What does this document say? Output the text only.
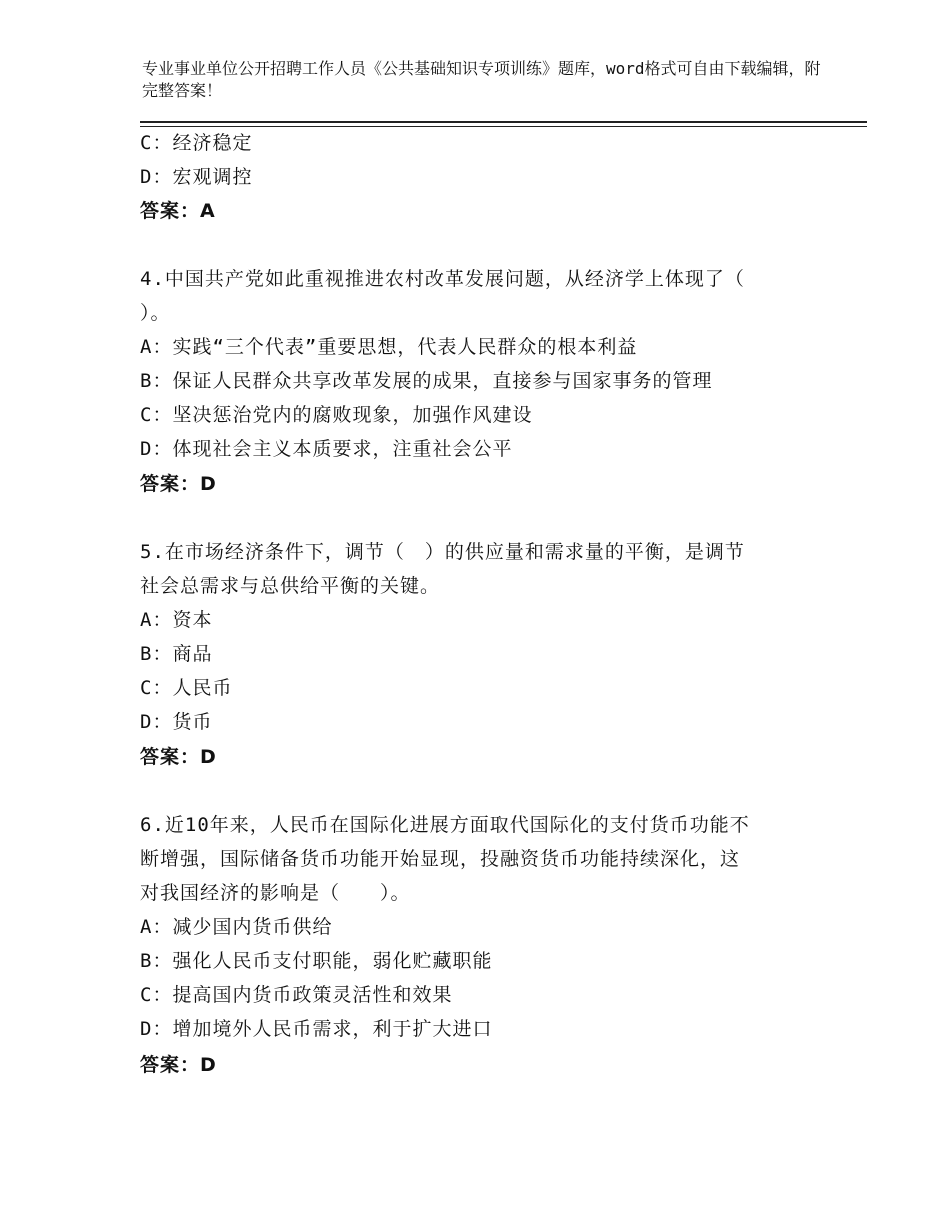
专业事业单位公开招聘工作人员《公共基础知识专项训练》题库，word格式可自由下载编辑，附完整答案！
C：经济稳定
D：宏观调控
答案：A
4.中国共产党如此重视推进农村改革发展问题，从经济学上体现了（
）。
A：实践“三个代表”重要思想，代表人民群众的根本利益
B：保证人民群众共享改革发展的成果，直接参与国家事务的管理
C：坚决惩治党内的腐败现象，加强作风建设
D：体现社会主义本质要求，注重社会公平
答案：D
5.在市场经济条件下，调节（　）的供应量和需求量的平衡，是调节
社会总需求与总供给平衡的关键。
A：资本
B：商品
C：人民币
D：货币
答案：D
6.近10年来，人民币在国际化进展方面取代国际化的支付货币功能不
断增强，国际储备货币功能开始显现，投融资货币功能持续深化，这
对我国经济的影响是（　　）。
A：减少国内货币供给
B：强化人民币支付职能，弱化贮藏职能
C：提高国内货币政策灵活性和效果
D：增加境外人民币需求，利于扩大进口
答案：D
